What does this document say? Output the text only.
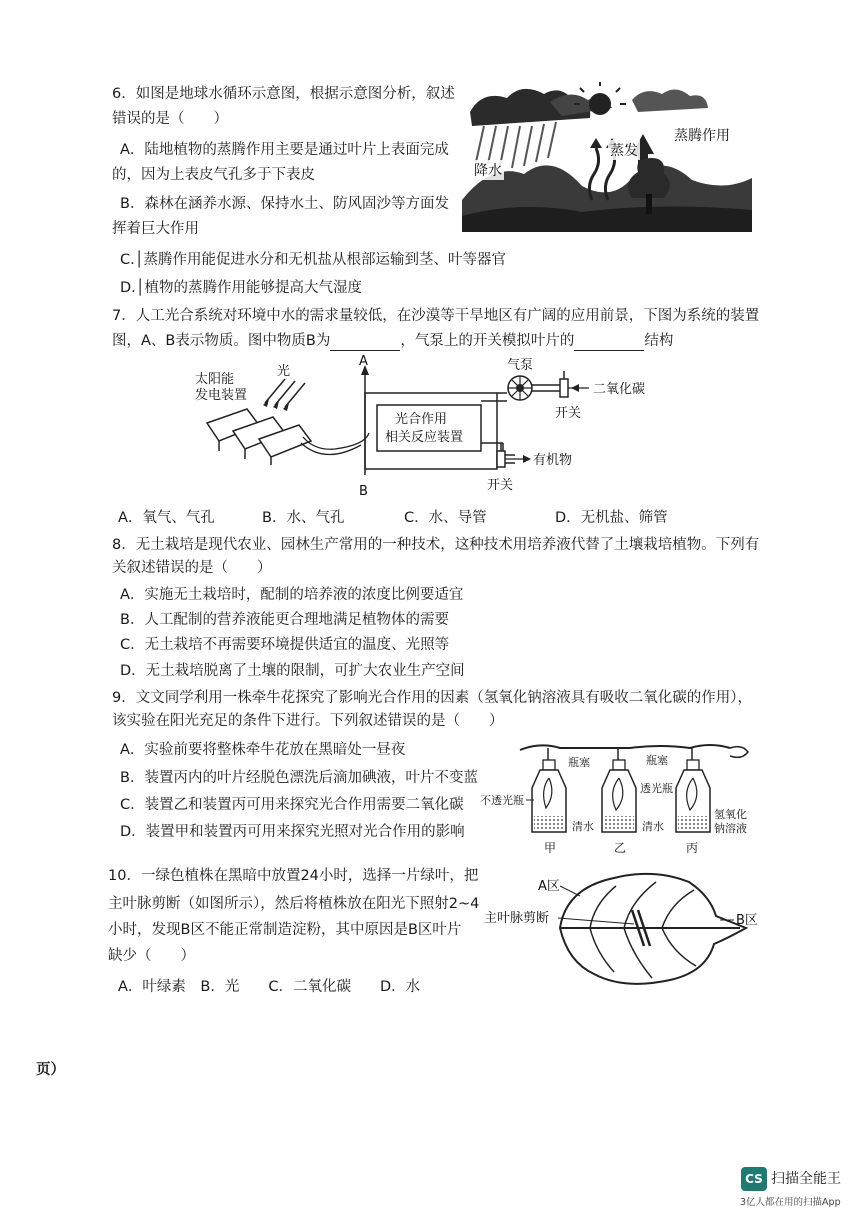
6．如图是地球水循环示意图，根据示意图分析，叙述
错误的是（　　）
A．陆地植物的蒸腾作用主要是通过叶片上表面完成
的，因为上表皮气孔多于下表皮
B．森林在涵养水源、保持水土、防风固沙等方面发
挥着巨大作用
C.│蒸腾作用能促进水分和无机盐从根部运输到茎、叶等器官
D.│植物的蒸腾作用能够提高大气湿度
降水
蒸发
蒸腾作用
7．人工光合系统对环境中水的需求量较低，在沙漠等干旱地区有广阔的应用前景，下图为系统的装置
图，A、B表示物质。图中物质B为	，气泵上的开关模拟叶片的	结构
太阳能
发电装置
光
A
B
光合作用
相关反应装置
气泵
二氧化碳
开关
有机物
开关
A．氧气、气孔	B．水、气孔	C．水、导管	D．无机盐、筛管
8．无土栽培是现代农业、园林生产常用的一种技术，这种技术用培养液代替了土壤栽培植物。下列有
关叙述错误的是（　　）
A．实施无土栽培时，配制的培养液的浓度比例要适宜
B．人工配制的营养液能更合理地满足植物体的需要
C．无土栽培不再需要环境提供适宜的温度、光照等
D．无土栽培脱离了土壤的限制，可扩大农业生产空间
9．文文同学利用一株牵牛花探究了影响光合作用的因素（氢氧化钠溶液具有吸收二氧化碳的作用），
该实验在阳光充足的条件下进行。下列叙述错误的是（　　）
A．实验前要将整株牵牛花放在黑暗处一昼夜
B．装置丙内的叶片经脱色漂洗后滴加碘液，叶片不变蓝
C．装置乙和装置丙可用来探究光合作用需要二氧化碳
D．装置甲和装置丙可用来探究光照对光合作用的影响
瓶塞	瓶塞
不透光瓶
透光瓶
氢氧化
钠溶液
清水	清水
甲	乙	丙
10．一绿色植株在黑暗中放置24小时，选择一片绿叶，把
主叶脉剪断（如图所示），然后将植株放在阳光下照射2~4
小时，发现B区不能正常制造淀粉，其中原因是B区叶片
缺少（　　）
A．叶绿素　B．光　　C．二氧化碳　　D．水
A区
主叶脉剪断	B区
页）
CS 扫描全能王
3亿人都在用的扫描App
